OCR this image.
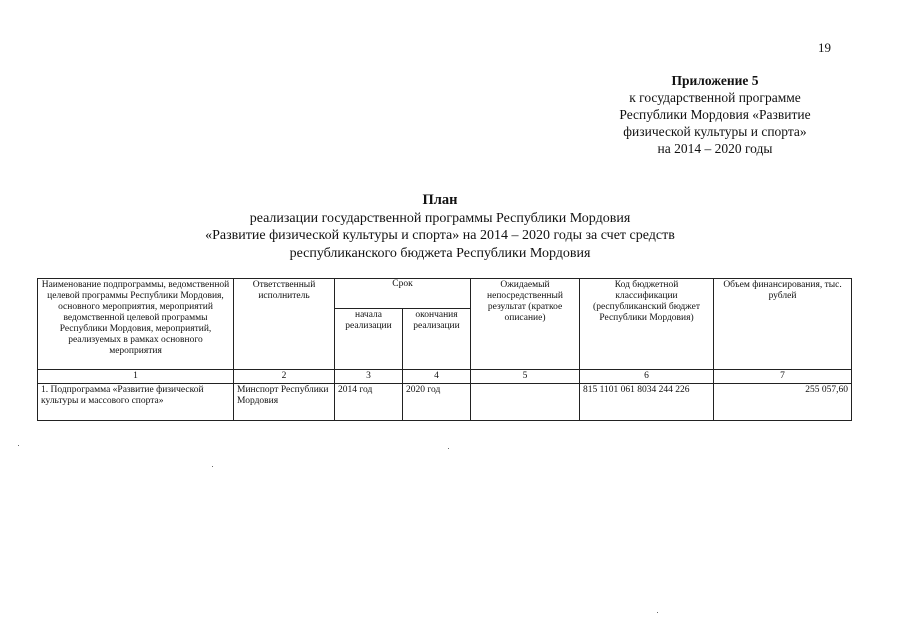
19
Приложение 5
к государственной программе
Республики Мордовия «Развитие
физической культуры и спорта»
на 2014 – 2020 годы
План
реализации государственной программы Республики Мордовия
«Развитие физической культуры и спорта» на 2014 – 2020 годы за счет средств
республиканского бюджета Республики Мордовия
Наименование подпрограммы, ведомственной целевой программы Республики Мордовия, основного мероприятия, мероприятий ведомственной целевой программы Республики Мордовия, мероприятий, реализуемых в рамках основного мероприятия	Ответственный исполнитель	Срок		Ожидаемый непосредственный результат (краткое описание)	Код бюджетной классификации (республиканский бюджет Республики Мордовия)	Объем финансирования, тыс. рублей
		начала реализации	окончания реализации			
1	2	3	4	5	6	7
1. Подпрограмма «Развитие физической культуры и массового спорта»	Минспорт Республики Мордовия	2014 год	2020 год		815 1101 061 8034 244 226	255 057,60
